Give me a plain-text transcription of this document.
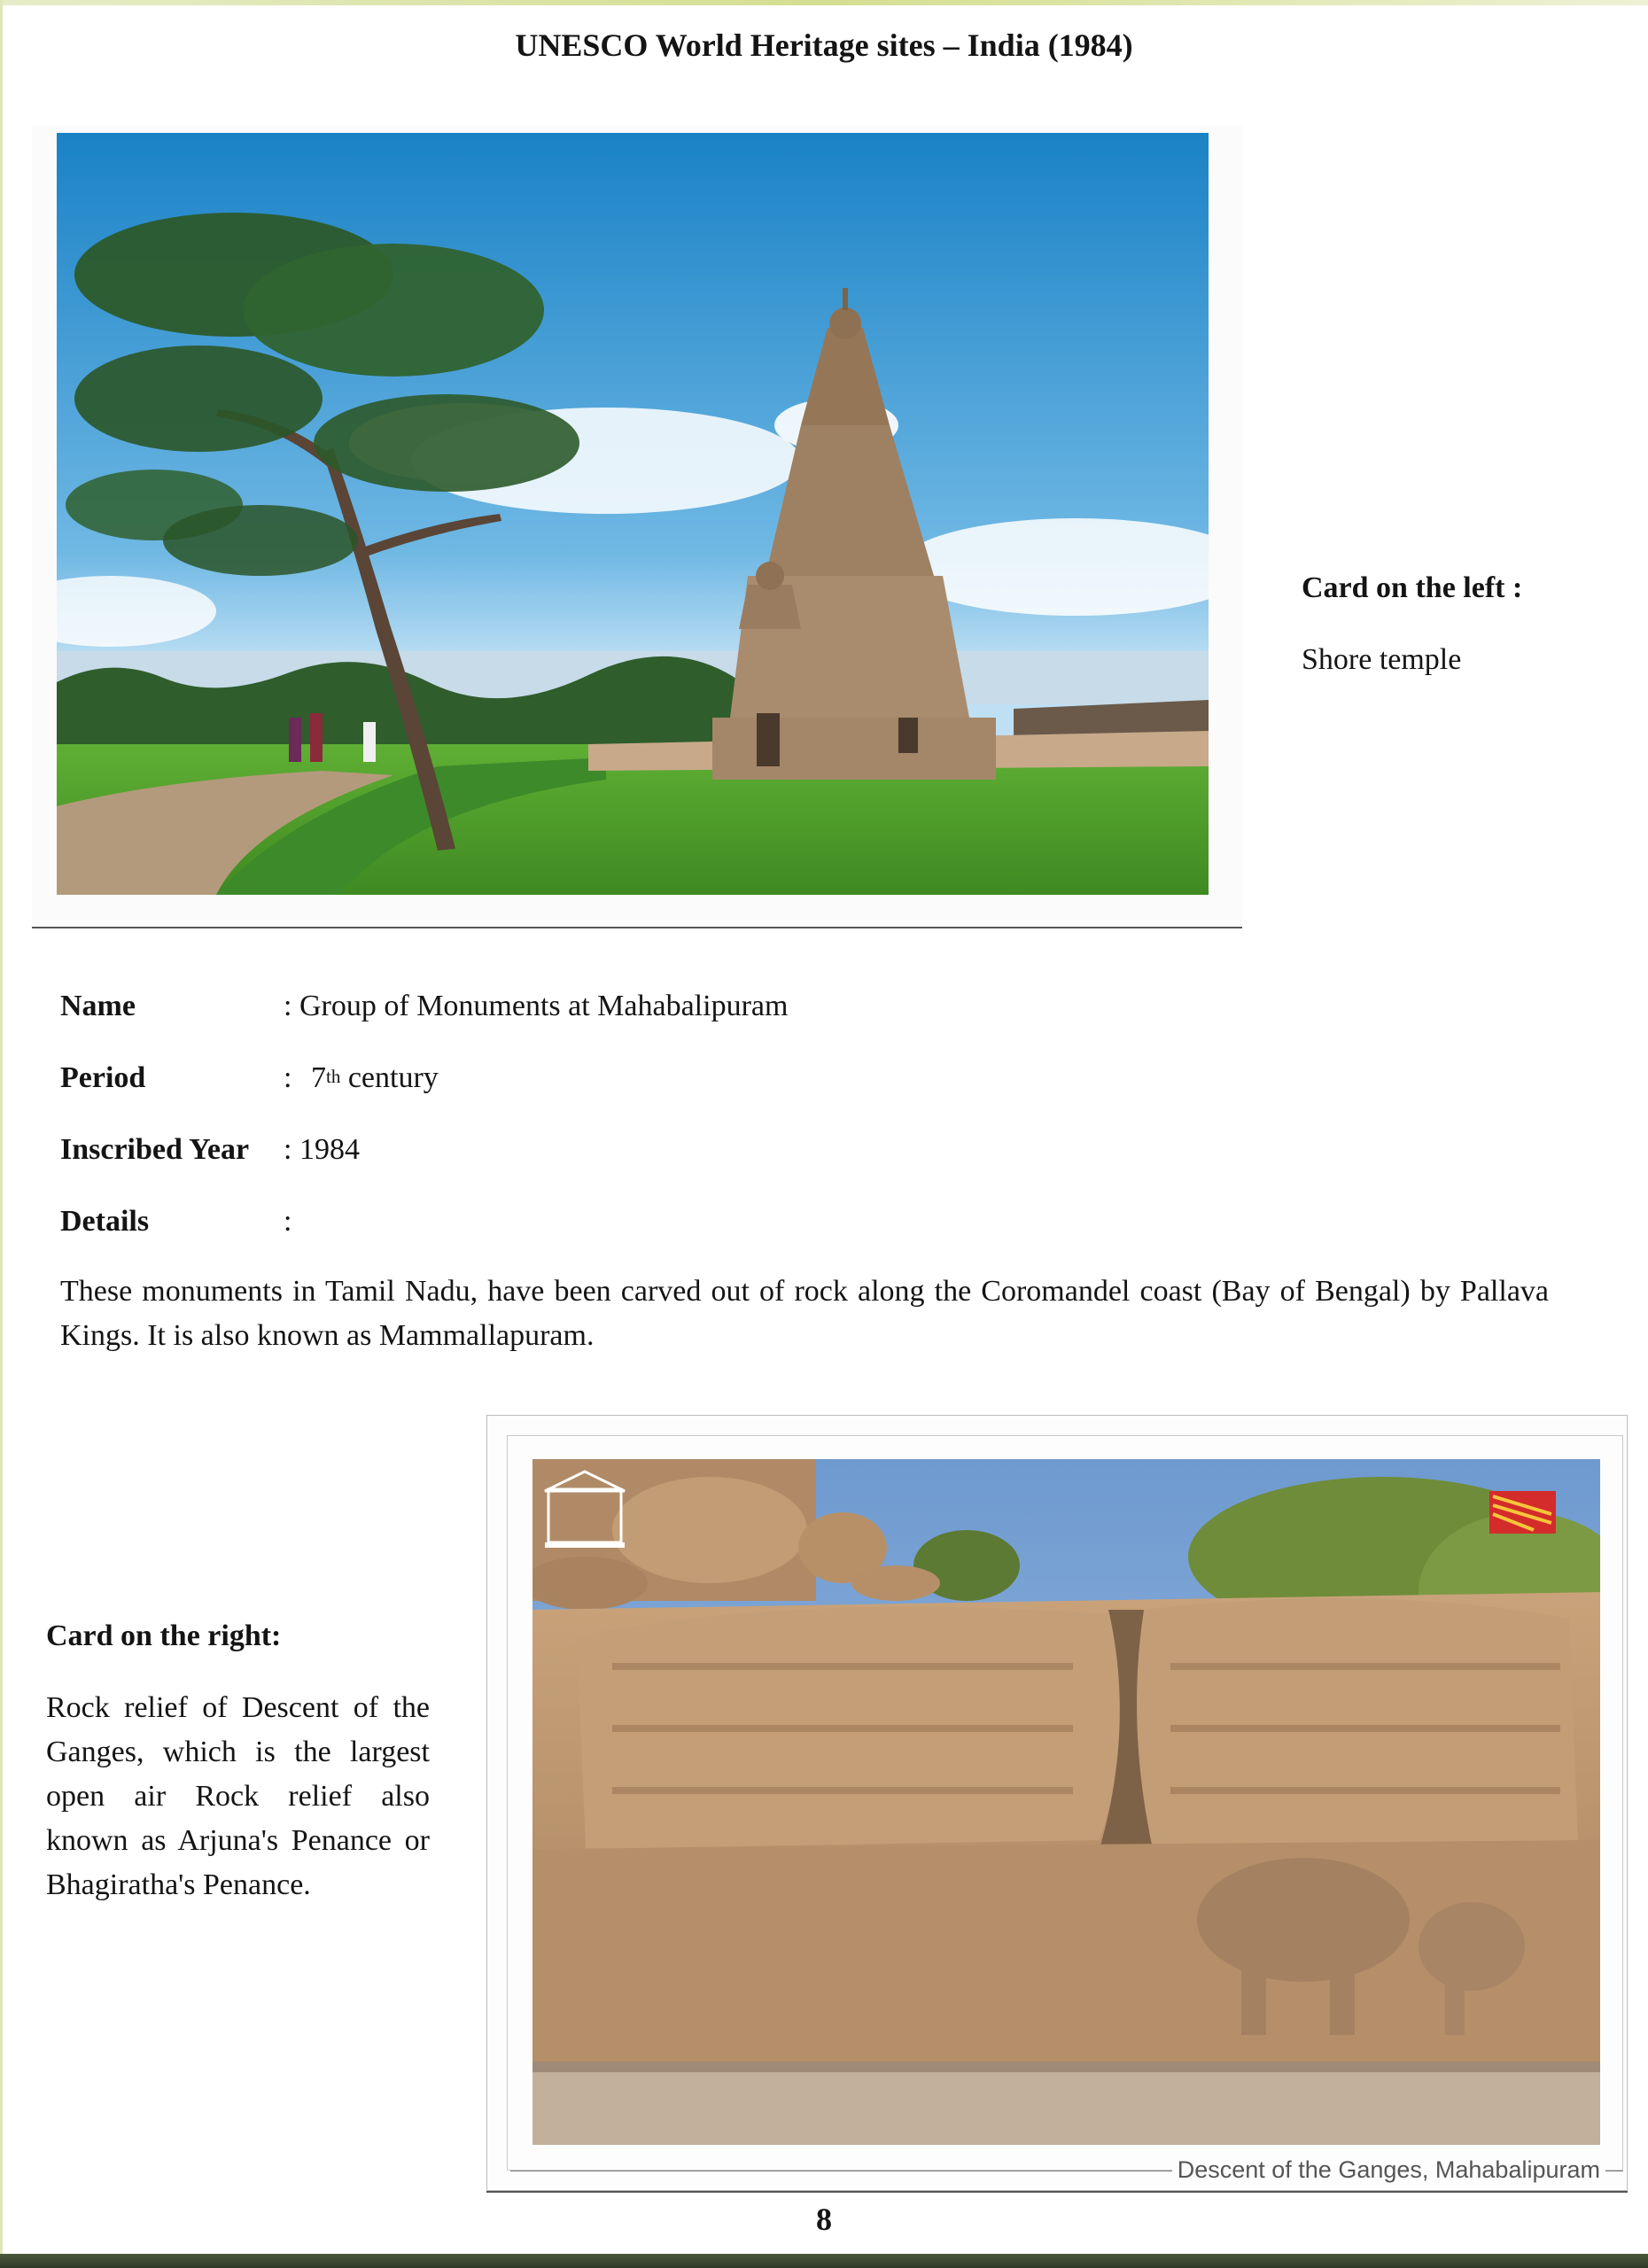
UNESCO World Heritage sites – India (1984)
Card on the left :
Shore temple
Name	: Group of Monuments at Mahabalipuram
Period	: 7th century
Inscribed Year : 1984
Details	:
These monuments in Tamil Nadu, have been carved out of rock along the Coromandel coast (Bay of Bengal) by Pallava Kings. It is also known as Mammallapuram.
Card on the right:
Rock relief of Descent of the Ganges, which is the largest open air Rock relief also known as Arjuna's Penance or Bhagiratha's Penance.
Descent of the Ganges, Mahabalipuram
8
